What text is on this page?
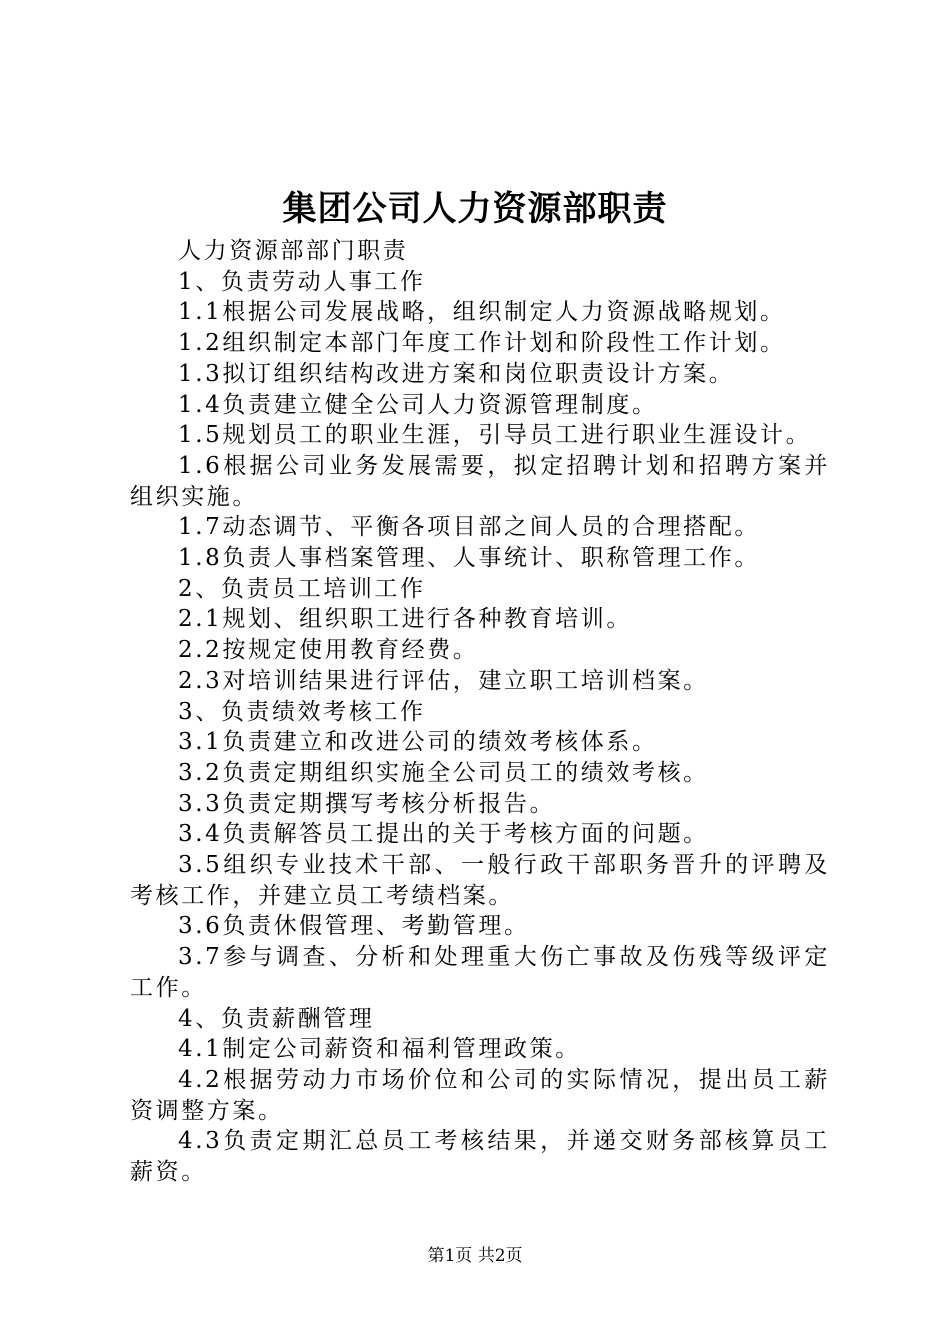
集团公司人力资源部职责

人力资源部部门职责

1、负责劳动人事工作

1.1根据公司发展战略，组织制定人力资源战略规划。

1.2组织制定本部门年度工作计划和阶段性工作计划。

1.3拟订组织结构改进方案和岗位职责设计方案。

1.4负责建立健全公司人力资源管理制度。

1.5规划员工的职业生涯，引导员工进行职业生涯设计。

1.6根据公司业务发展需要，拟定招聘计划和招聘方案并组织实施。

1.7动态调节、平衡各项目部之间人员的合理搭配。

1.8负责人事档案管理、人事统计、职称管理工作。

2、负责员工培训工作

2.1规划、组织职工进行各种教育培训。

2.2按规定使用教育经费。

2.3对培训结果进行评估，建立职工培训档案。

3、负责绩效考核工作

3.1负责建立和改进公司的绩效考核体系。

3.2负责定期组织实施全公司员工的绩效考核。

3.3负责定期撰写考核分析报告。

3.4负责解答员工提出的关于考核方面的问题。

3.5组织专业技术干部、一般行政干部职务晋升的评聘及考核工作，并建立员工考绩档案。

3.6负责休假管理、考勤管理。

3.7参与调查、分析和处理重大伤亡事故及伤残等级评定工作。

4、负责薪酬管理

4.1制定公司薪资和福利管理政策。

4.2根据劳动力市场价位和公司的实际情况，提出员工薪资调整方案。

4.3负责定期汇总员工考核结果，并递交财务部核算员工薪资。

第1页 共2页
